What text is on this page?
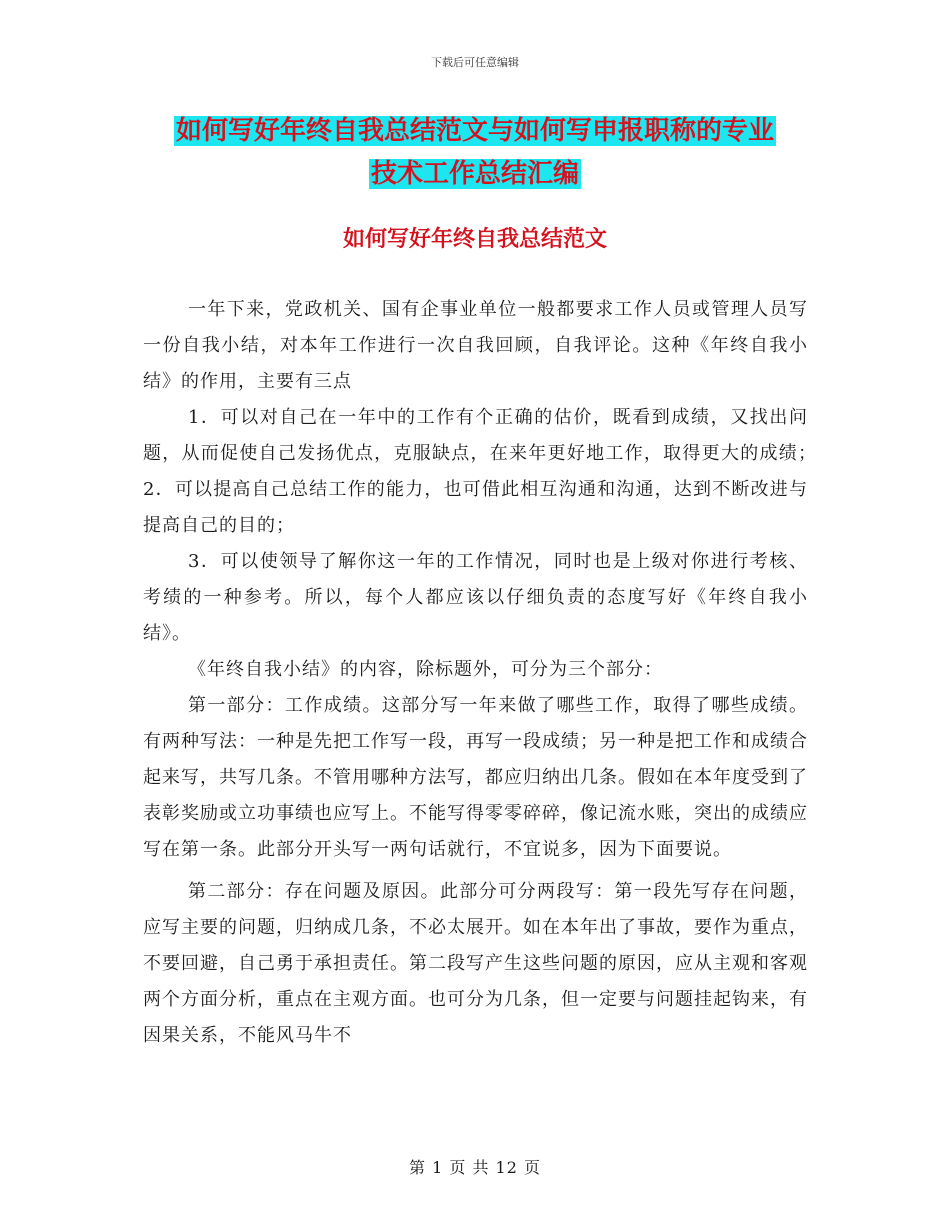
下载后可任意编辑
如何写好年终自我总结范文与如何写申报职称的专业
技术工作总结汇编
如何写好年终自我总结范文

一年下来，党政机关、国有企事业单位一般都要求工作人员或管理人员写一份自我小结，对本年工作进行一次自我回顾，自我评论。这种《年终自我小结》的作用，主要有三点

1．可以对自己在一年中的工作有个正确的估价，既看到成绩，又找出问题，从而促使自己发扬优点，克服缺点，在来年更好地工作，取得更大的成绩；　　2．可以提高自己总结工作的能力，也可借此相互沟通和沟通，达到不断改进与提高自己的目的；

3．可以使领导了解你这一年的工作情况，同时也是上级对你进行考核、考绩的一种参考。所以，每个人都应该以仔细负责的态度写好《年终自我小结》。

《年终自我小结》的内容，除标题外，可分为三个部分：

第一部分：工作成绩。这部分写一年来做了哪些工作，取得了哪些成绩。有两种写法：一种是先把工作写一段，再写一段成绩；另一种是把工作和成绩合起来写，共写几条。不管用哪种方法写，都应归纳出几条。假如在本年度受到了表彰奖励或立功事绩也应写上。不能写得零零碎碎，像记流水账，突出的成绩应写在第一条。此部分开头写一两句话就行，不宜说多，因为下面要说。

第二部分：存在问题及原因。此部分可分两段写：第一段先写存在问题，应写主要的问题，归纳成几条，不必太展开。如在本年出了事故，要作为重点，不要回避，自己勇于承担责任。第二段写产生这些问题的原因，应从主观和客观两个方面分析，重点在主观方面。也可分为几条，但一定要与问题挂起钩来，有因果关系，不能风马牛不

第 1 页 共 12 页
